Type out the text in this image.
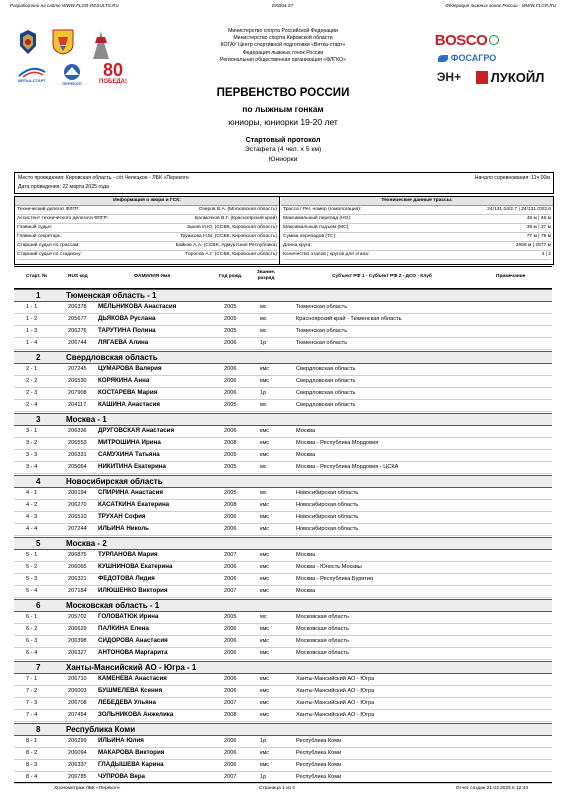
Разработано на сайте WWW.FLGR-RESULTS.RU	EKB04.ST	Федерация лыжных гонок России - WWW.FLGR.RU
ВЯТКА-СТАРТ
ПЕРЕКОП
80
ПОБЕДА!
Министерство спорта Российской Федерации
Министерство спорта Кировской области
КОГАУ Центр спортивной подготовки «Вятка-старт»
Федерация лыжных гонок России
Региональная общественная организация «ФЛГКО»
BOSCO
ФОСАГРО
ЭН+ ЛУКОЙЛ
ПЕРВЕНСТВО РОССИИ
по лыжным гонкам
юниоры, юниорки 19-20 лет
Стартовый протокол
Эстафета (4 чел. х 5 км)
Юниорки
Место проведения: Кировская область - с/п Чепецкое - ЛБК «Перекоп»
Дата проведения: 22 марта 2025 года
Начало соревнования: 11ч 00м
Информация о жюри и ГСК:
Технический делегат ФЛГР:	Озеров В.А. (Московская область)
Ассистент технического делегата ФЛГР:	Балмочков В.Г. (Красноярский край)
Главный судья:	Зыков И.Ю. (ССВК, Кировская область)
Главный секретарь:	Трушкова Н.М. (ССВК, Кировская область)
Старший судья по трассам:	Байков А.А. (ССВК, Удмуртская Республика)
Старший судья по стадиону:	Торопов А.Г. (ССВК, Кировская область)
Технические данные трассы:
Трасса / Рег. номер (гомологация):	24/131.04/2.7 | 24/131.03/2.6
Максимальный перепад (НО):	48 м | 46 м
Максимальный подъем (МС):	39 м | 37 м
Сумма перепадов (ТС):	77 м | 79 м
Длина круга:	2656 м | 2577 м
Количество этапов | кругов для этапа:	4 | 2
Старт. №	RUS код	ФАМИЛИЯ Имя	Год рожд.
Звание, разряд	Субъект РФ 1 - Субъект РФ 2 - ДСО - Клуб	Примечание
1	Тюменская область - 1
1 - 1	206378 МЕЛЬНИКОВА Анастасия	2005	мс	Тюменская область
1 - 2	205677 ДЬЯКОВА Руслана	2005	мс	Красноярский край - Тюменская область
1 - 3	206276 ТАРУТИНА Полина	2005	мс	Тюменская область
1 - 4	206744 ЛЯГАЕВА Алина	2006	1р	Тюменская область
2	Свердловская область
2 - 1	207245 ЦУМАРОВА Валерия	2006	кмс	Свердловская область
2 - 2	206530 КОРЯКИНА Анна	2006	кмс	Свердловская область
2 - 3	207908 КОСТАРЕВА Мария	2006	1р	Свердловская область
2 - 4	204117 КАШИНА Анастасия	2005	мс	Свердловская область
3	Москва - 1
3 - 1	206336 ДРУГОВСКАЯ Анастасия	2006	кмс	Москва
3 - 2	206553 МИТРОШИНА Ирина	2008	кмс	Москва - Республика Мордовия
3 - 3	206331 САМУХИНА Татьяна	2005	кмс	Москва
3 - 4	205064 НИКИТИНА Екатерина	2005	мс	Москва - Республика Мордовия - ЦСКА
4	Новосибирская область
4 - 1	206194 СПИРИНА Анастасия	2005	мс	Новосибирская область
4 - 2	206270 КАСАТКИНА Екатерина	2008	кмс	Новосибирская область
4 - 3	206510 ТРУХАН София	2006	кмс	Новосибирская область
4 - 4	207244 ИЛЬИНА Николь	2006	кмс	Новосибирская область
5	Москва - 2
5 - 1	206875 ТУРЛАНОВА Мария	2007	кмс	Москва
5 - 2	206065 КУШНИНОВА Екатерина	2006	кмс	Москва - Юность Москвы
5 - 3	206321 ФЕДОТОВА Лидия	2006	кмс	Москва - Республика Бурятия
5 - 4	207184 ИЛЮШЕНКО Виктория	2007	кмс	Москва
6	Московская область - 1
6 - 1	205702 ГОЛОВАТЮК Ирина	2005	мс	Московская область
6 - 2	206629 ПАЛКИНА Елена	2006	кмс	Московская область
6 - 3	206398 СИДОРОВА Анастасия	2006	кмс	Московская область
6 - 4	206327 АНТОНОВА Маргарита	2006	кмс	Московская область
7	Ханты-Мансийский АО - Югра - 1
7 - 1	206710 КАМЕНЕВА Анастасия	2006	кмс	Ханты-Мансийский АО - Югра
7 - 2	206003 БУШМЕЛЕВА Ксения	2006	кмс	Ханты-Мансийский АО - Югра
7 - 3	206708 ЛЕБЕДЕВА Ульяна	2007	кмс	Ханты-Мансийский АО - Югра
7 - 4	207454 ЗОЛЬНИКОВА Анжелика	2008	кмс	Ханты-Мансийский АО - Югра
8	Республика Коми
8 - 1	206299 ИЛЬИНА Юлия	2006	1р	Республика Коми
8 - 2	206094 МАКАРОВА Виктория	2006	кмс	Республика Коми
8 - 3	206337 ГЛАДЫШЕВА Карина	2006	кмс	Республика Коми
8 - 4	206785 ЧУПРОВА Вера	2007	1р	Республика Коми
Хронометраж ЛБК «Перекоп»	Страница 1 из 3	Отчет создан 21.03.2025 в 12:43
